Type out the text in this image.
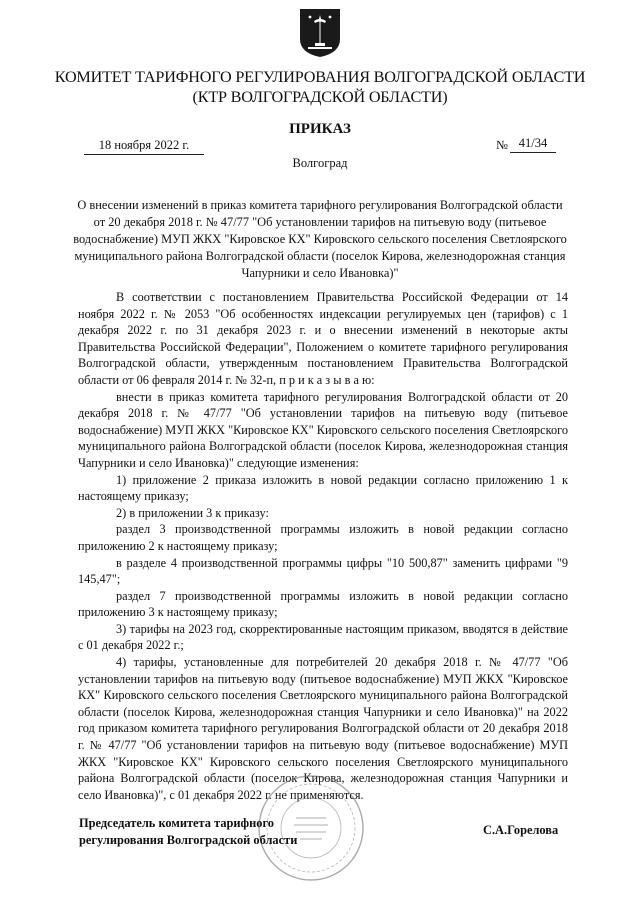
КОМИТЕТ ТАРИФНОГО РЕГУЛИРОВАНИЯ ВОЛГОГРАДСКОЙ ОБЛАСТИ

(КТР ВОЛГОГРАДСКОЙ ОБЛАСТИ)

ПРИКАЗ

18 ноября 2022 г.	№ 41/34
Волгоград

О внесении изменений в приказ комитета тарифного регулирования Волгоградской области от 20 декабря 2018 г. № 47/77 "Об установлении тарифов на питьевую воду (питьевое водоснабжение) МУП ЖКХ "Кировское КХ" Кировского сельского поселения Светлоярского муниципального района Волгоградской области (поселок Кирова, железнодорожная станция Чапурники и село Ивановка)"

В соответствии с постановлением Правительства Российской Федерации от 14 ноября 2022 г. № 2053 "Об особенностях индексации регулируемых цен (тарифов) с 1 декабря 2022 г. по 31 декабря 2023 г. и о внесении изменений в некоторые акты Правительства Российской Федерации", Положением о комитете тарифного регулирования Волгоградской области, утвержденным постановлением Правительства Волгоградской области от 06 февраля 2014 г. № 32-п, п р и к а з ы в а ю:

внести в приказ комитета тарифного регулирования Волгоградской области от 20 декабря 2018 г. № 47/77 "Об установлении тарифов на питьевую воду (питьевое водоснабжение) МУП ЖКХ "Кировское КХ" Кировского сельского поселения Светлоярского муниципального района Волгоградской области (поселок Кирова, железнодорожная станция Чапурники и село Ивановка)" следующие изменения:

1) приложение 2 приказа изложить в новой редакции согласно приложению 1 к настоящему приказу;

2) в приложении 3 к приказу:

раздел 3 производственной программы изложить в новой редакции согласно приложению 2 к настоящему приказу;

в разделе 4 производственной программы цифры "10 500,87" заменить цифрами "9 145,47";

раздел 7 производственной программы изложить в новой редакции согласно приложению 3 к настоящему приказу;

3) тарифы на 2023 год, скорректированные настоящим приказом, вводятся в действие с 01 декабря 2022 г.;

4) тарифы, установленные для потребителей 20 декабря 2018 г. № 47/77 "Об установлении тарифов на питьевую воду (питьевое водоснабжение) МУП ЖКХ "Кировское КХ" Кировского сельского поселения Светлоярского муниципального района Волгоградской области (поселок Кирова, железнодорожная станция Чапурники и село Ивановка)" на 2022 год приказом комитета тарифного регулирования Волгоградской области от 20 декабря 2018 г. № 47/77 "Об установлении тарифов на питьевую воду (питьевое водоснабжение) МУП ЖКХ "Кировское КХ" Кировского сельского поселения Светлоярского муниципального района Волгоградской области (поселок Кирова, железнодорожная станция Чапурники и село Ивановка)", с 01 декабря 2022 г. не применяются.

Председатель комитета тарифного
регулирования Волгоградской области
С.А.Горелова
